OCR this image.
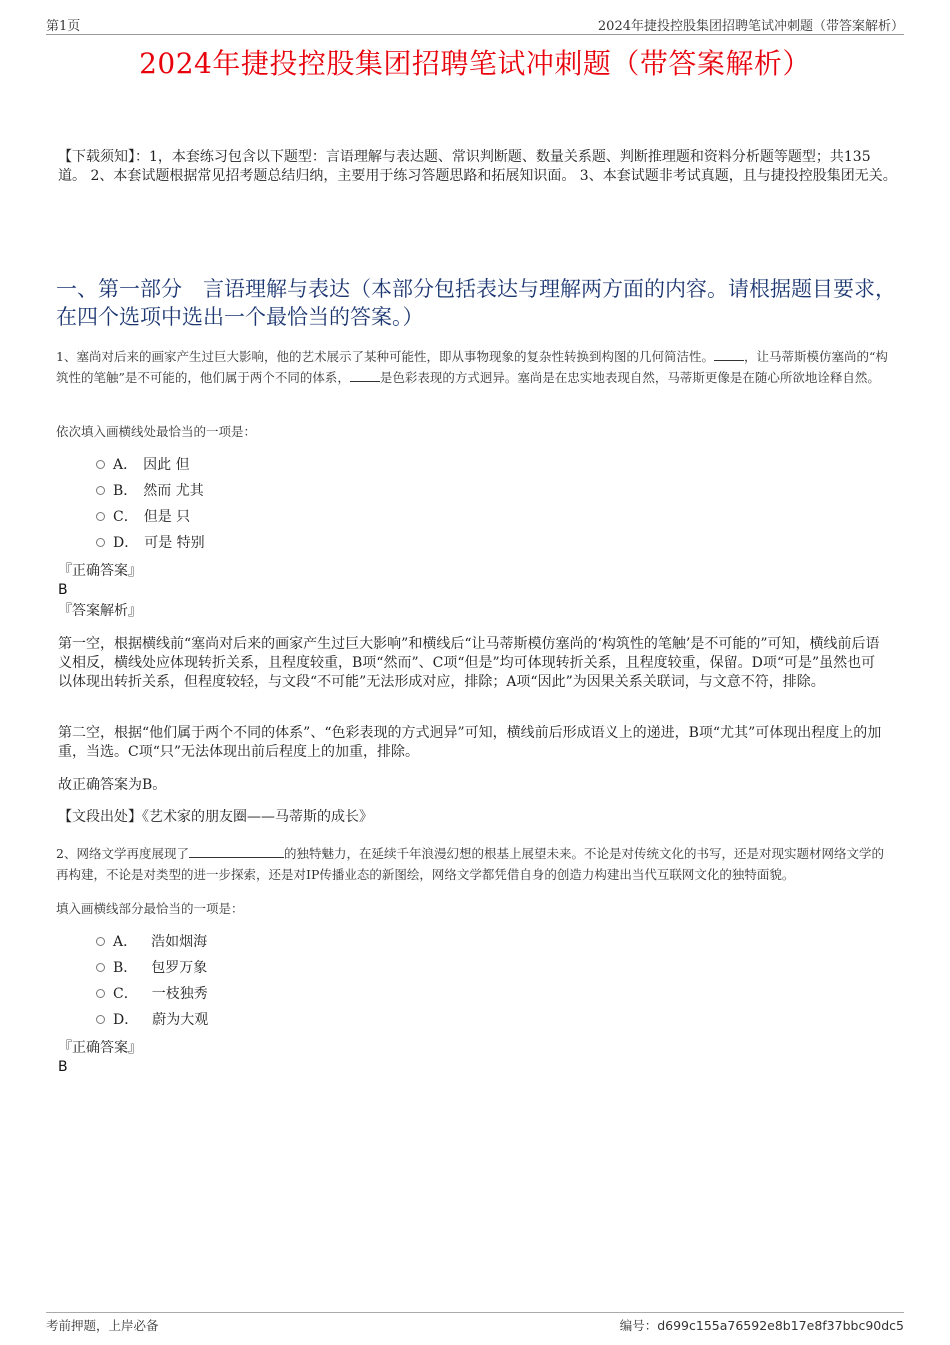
第1页	2024年捷投控股集团招聘笔试冲刺题（带答案解析）
2024年捷投控股集团招聘笔试冲刺题（带答案解析）
【下载须知】：1，本套练习包含以下题型：言语理解与表达题、常识判断题、数量关系题、判断推理题和资料分析题等题型；共135道。 2、本套试题根据常见招考题总结归纳，主要用于练习答题思路和拓展知识面。 3、本套试题非考试真题，且与捷投控股集团无关。
一、第一部分　言语理解与表达（本部分包括表达与理解两方面的内容。请根据题目要求，在四个选项中选出一个最恰当的答案。）
1、塞尚对后来的画家产生过巨大影响，他的艺术展示了某种可能性，即从事物现象的复杂性转换到构图的几何简洁性。 ，让马蒂斯模仿塞尚的“构筑性的笔触”是不可能的，他们属于两个不同的体系， 是色彩表现的方式迥异。塞尚是在忠实地表现自然，马蒂斯更像是在随心所欲地诠释自然。
依次填入画横线处最恰当的一项是：
A． 因此 但
B． 然而 尤其
C． 但是 只
D． 可是 特别
『正确答案』
B
『答案解析』
第一空，根据横线前“塞尚对后来的画家产生过巨大影响”和横线后“让马蒂斯模仿塞尚的‘构筑性的笔触’是不可能的”可知，横线前后语义相反，横线处应体现转折关系，且程度较重，B项“然而”、C项“但是”均可体现转折关系，且程度较重，保留。D项“可是”虽然也可以体现出转折关系，但程度较轻，与文段“不可能”无法形成对应，排除；A项“因此”为因果关系关联词，与文意不符，排除。
第二空，根据“他们属于两个不同的体系”、“色彩表现的方式迥异”可知，横线前后形成语义上的递进，B项“尤其”可体现出程度上的加重，当选。C项“只”无法体现出前后程度上的加重，排除。
故正确答案为B。
【文段出处】《艺术家的朋友圈——马蒂斯的成长》
2、网络文学再度展现了	的独特魅力，在延续千年浪漫幻想的根基上展望未来。不论是对传统文化的书写，还是对现实题材网络文学的再构建，不论是对类型的进一步探索，还是对IP传播业态的新图绘，网络文学都凭借自身的创造力构建出当代互联网文化的独特面貌。
填入画横线部分最恰当的一项是：
A． 浩如烟海
B． 包罗万象
C． 一枝独秀
D． 蔚为大观
『正确答案』
B
考前押题，上岸必备	编号：d699c155a76592e8b17e8f37bbc90dc5
